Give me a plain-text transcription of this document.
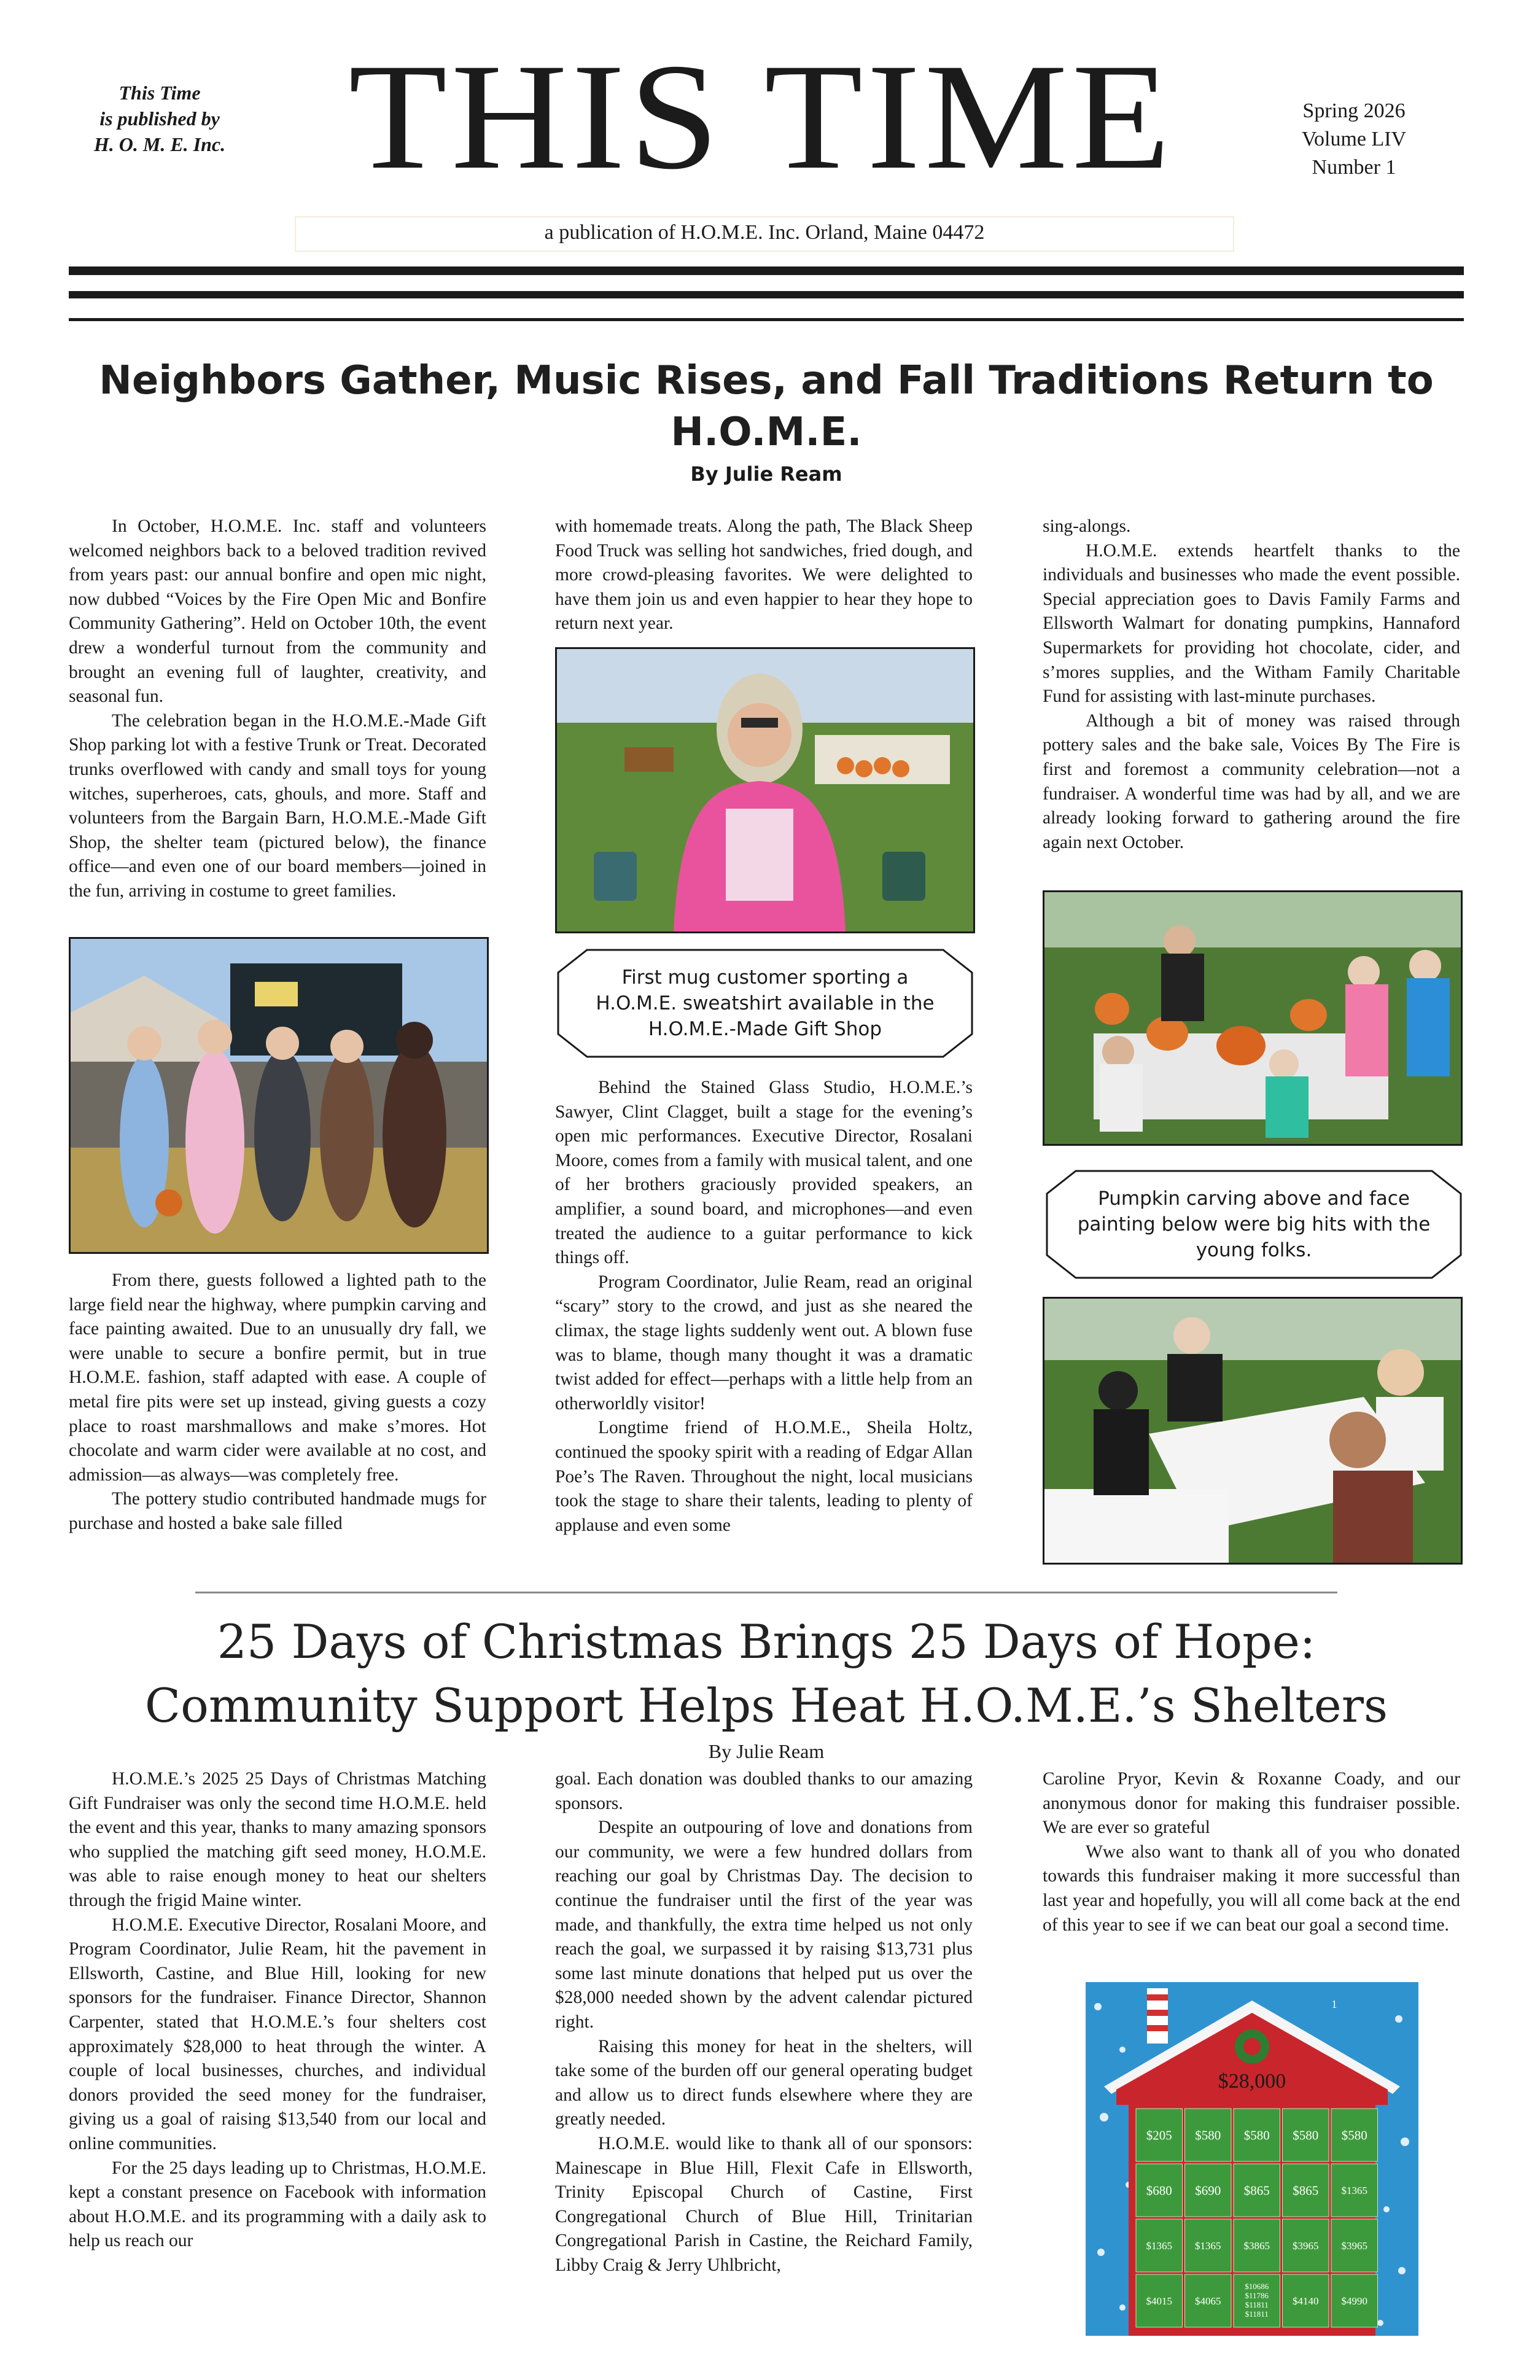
This Time
is published by
H. O. M. E. Inc. THIS TIME	Spring 2026
Volume LIV
Number 1
a publication of H.O.M.E. Inc. Orland, Maine 04472
Neighbors Gather, Music Rises, and Fall Traditions Return to H.O.M.E.
By Julie Ream

In October, H.O.M.E. Inc. staff and volunteers welcomed neighbors back to a beloved tradition revived from years past: our annual bonfire and open mic night, now dubbed “Voices by the Fire Open Mic and Bonfire Community Gathering”. Held on October 10th, the event drew a wonderful turnout from the community and brought an evening full of laughter, creativity, and seasonal fun.

The celebration began in the H.O.M.E.-Made Gift Shop parking lot with a festive Trunk or Treat. Decorated trunks overflowed with candy and small toys for young witches, superheroes, cats, ghouls, and more. Staff and volunteers from the Bargain Barn, H.O.M.E.-Made Gift Shop, the shelter team (pictured below), the finance office—and even one of our board members—joined in the fun, arriving in costume to greet families.

From there, guests followed a lighted path to the large field near the highway, where pumpkin carving and face painting awaited. Due to an unusually dry fall, we were unable to secure a bonfire permit, but in true H.O.M.E. fashion, staff adapted with ease. A couple of metal fire pits were set up instead, giving guests a cozy place to roast marshmallows and make s’mores. Hot chocolate and warm cider were available at no cost, and admission—as always—was completely free.

The pottery studio contributed handmade mugs for purchase and hosted a bake sale filled

with homemade treats. Along the path, The Black Sheep Food Truck was selling hot sandwiches, fried dough, and more crowd-pleasing favorites. We were delighted to have them join us and even happier to hear they hope to return next year.

First mug customer sporting a H.O.M.E. sweatshirt available in the H.O.M.E.-Made Gift Shop

Behind the Stained Glass Studio, H.O.M.E.’s Sawyer, Clint Clagget, built a stage for the evening’s open mic performances. Executive Director, Rosalani Moore, comes from a family with musical talent, and one of her brothers graciously provided speakers, an amplifier, a sound board, and microphones—and even treated the audience to a guitar performance to kick things off.

Program Coordinator, Julie Ream, read an original “scary” story to the crowd, and just as she neared the climax, the stage lights suddenly went out. A blown fuse was to blame, though many thought it was a dramatic twist added for effect—perhaps with a little help from an otherworldly visitor!

Longtime friend of H.O.M.E., Sheila Holtz, continued the spooky spirit with a reading of Edgar Allan Poe’s The Raven. Throughout the night, local musicians took the stage to share their talents, leading to plenty of applause and even some

sing-alongs.

H.O.M.E. extends heartfelt thanks to the individuals and businesses who made the event possible. Special appreciation goes to Davis Family Farms and Ellsworth Walmart for donating pumpkins, Hannaford Supermarkets for providing hot chocolate, cider, and s’mores supplies, and the Witham Family Charitable Fund for assisting with last-minute purchases.

Although a bit of money was raised through pottery sales and the bake sale, Voices By The Fire is first and foremost a community celebration—not a fundraiser. A wonderful time was had by all, and we are already looking forward to gathering around the fire again next October.

Pumpkin carving above and face painting below were big hits with the young folks.
25 Days of Christmas Brings 25 Days of Hope:
Community Support Helps Heat H.O.M.E.’s Shelters
By Julie Ream

H.O.M.E.’s 2025 25 Days of Christmas Matching Gift Fundraiser was only the second time H.O.M.E. held the event and this year, thanks to many amazing sponsors who supplied the matching gift seed money, H.O.M.E. was able to raise enough money to heat our shelters through the frigid Maine winter.

H.O.M.E. Executive Director, Rosalani Moore, and Program Coordinator, Julie Ream, hit the pavement in Ellsworth, Castine, and Blue Hill, looking for new sponsors for the fundraiser. Finance Director, Shannon Carpenter, stated that H.O.M.E.’s four shelters cost approximately $28,000 to heat through the winter. A couple of local businesses, churches, and individual donors provided the seed money for the fundraiser, giving us a goal of raising $13,540 from our local and online communities.

For the 25 days leading up to Christmas, H.O.M.E. kept a constant presence on Facebook with information about H.O.M.E. and its programming with a daily ask to help us reach our

goal. Each donation was doubled thanks to our amazing sponsors.

Despite an outpouring of love and donations from our community, we were a few hundred dollars from reaching our goal by Christmas Day. The decision to continue the fundraiser until the first of the year was made, and thankfully, the extra time helped us not only reach the goal, we surpassed it by raising $13,731 plus some last minute donations that helped put us over the $28,000 needed shown by the advent calendar pictured right.

Raising this money for heat in the shelters, will take some of the burden off our general operating budget and allow us to direct funds elsewhere where they are greatly needed.

H.O.M.E. would like to thank all of our sponsors: Mainescape in Blue Hill, Flexit Cafe in Ellsworth, Trinity Episcopal Church of Castine, First Congregational Church of Blue Hill, Trinitarian Congregational Parish in Castine, the Reichard Family, Libby Craig & Jerry Uhlbricht,

Caroline Pryor, Kevin & Roxanne Coady, and our anonymous donor for making this fundraiser possible. We are ever so grateful

Wwe also want to thank all of you who donated towards this fundraiser making it more successful than last year and hopefully, you will all come back at the end of this year to see if we can beat our goal a second time.

1
$28,000
$205 $580 $580 $580 $580
$680 $690 $865 $865 $1365
$1365 $1365 $3865 $3965 $3965
$4015 $4065
$10686
$11786
$11811
$11811
$4140 $4990
